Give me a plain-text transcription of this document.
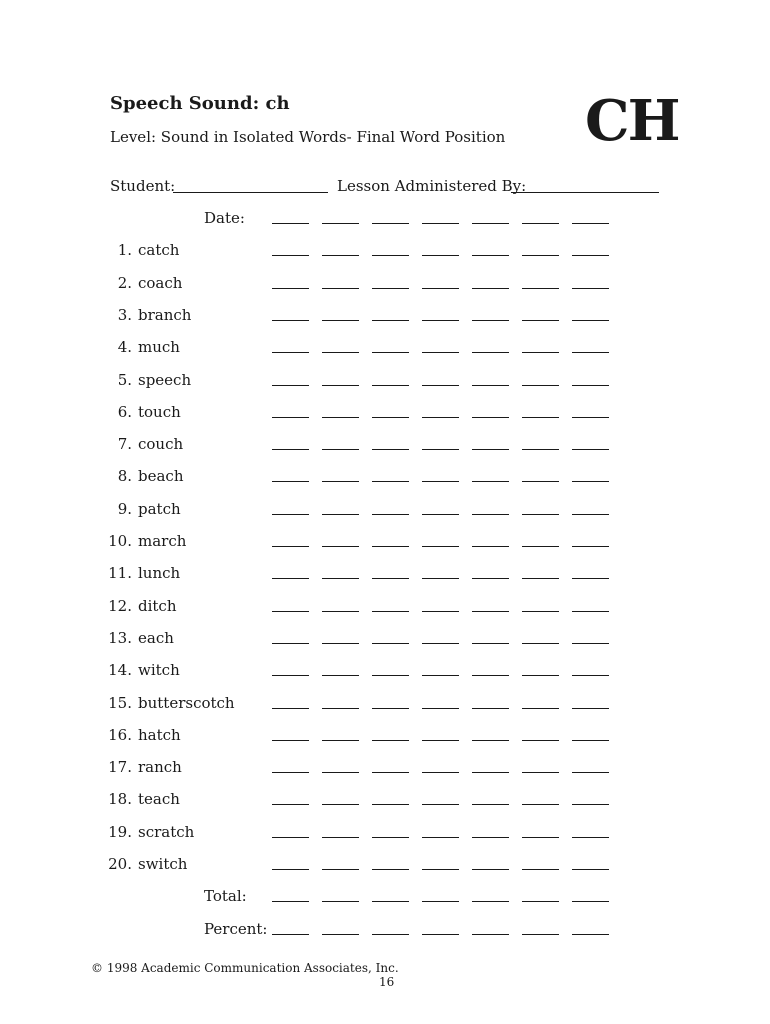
Speech Sound: ch
Level: Sound in Isolated Words- Final Word Position CH
Student:	Lesson Administered By:
Date:
1. catch
2. coach
3. branch
4. much
5. speech
6. touch
7. couch
8. beach
9. patch
10. march
11. lunch
12. ditch
13. each
14. witch
15. butterscotch
16. hatch
17. ranch
18. teach
19. scratch
20. switch
Total:
Percent:
© 1998 Academic Communication Associates, Inc.
16
